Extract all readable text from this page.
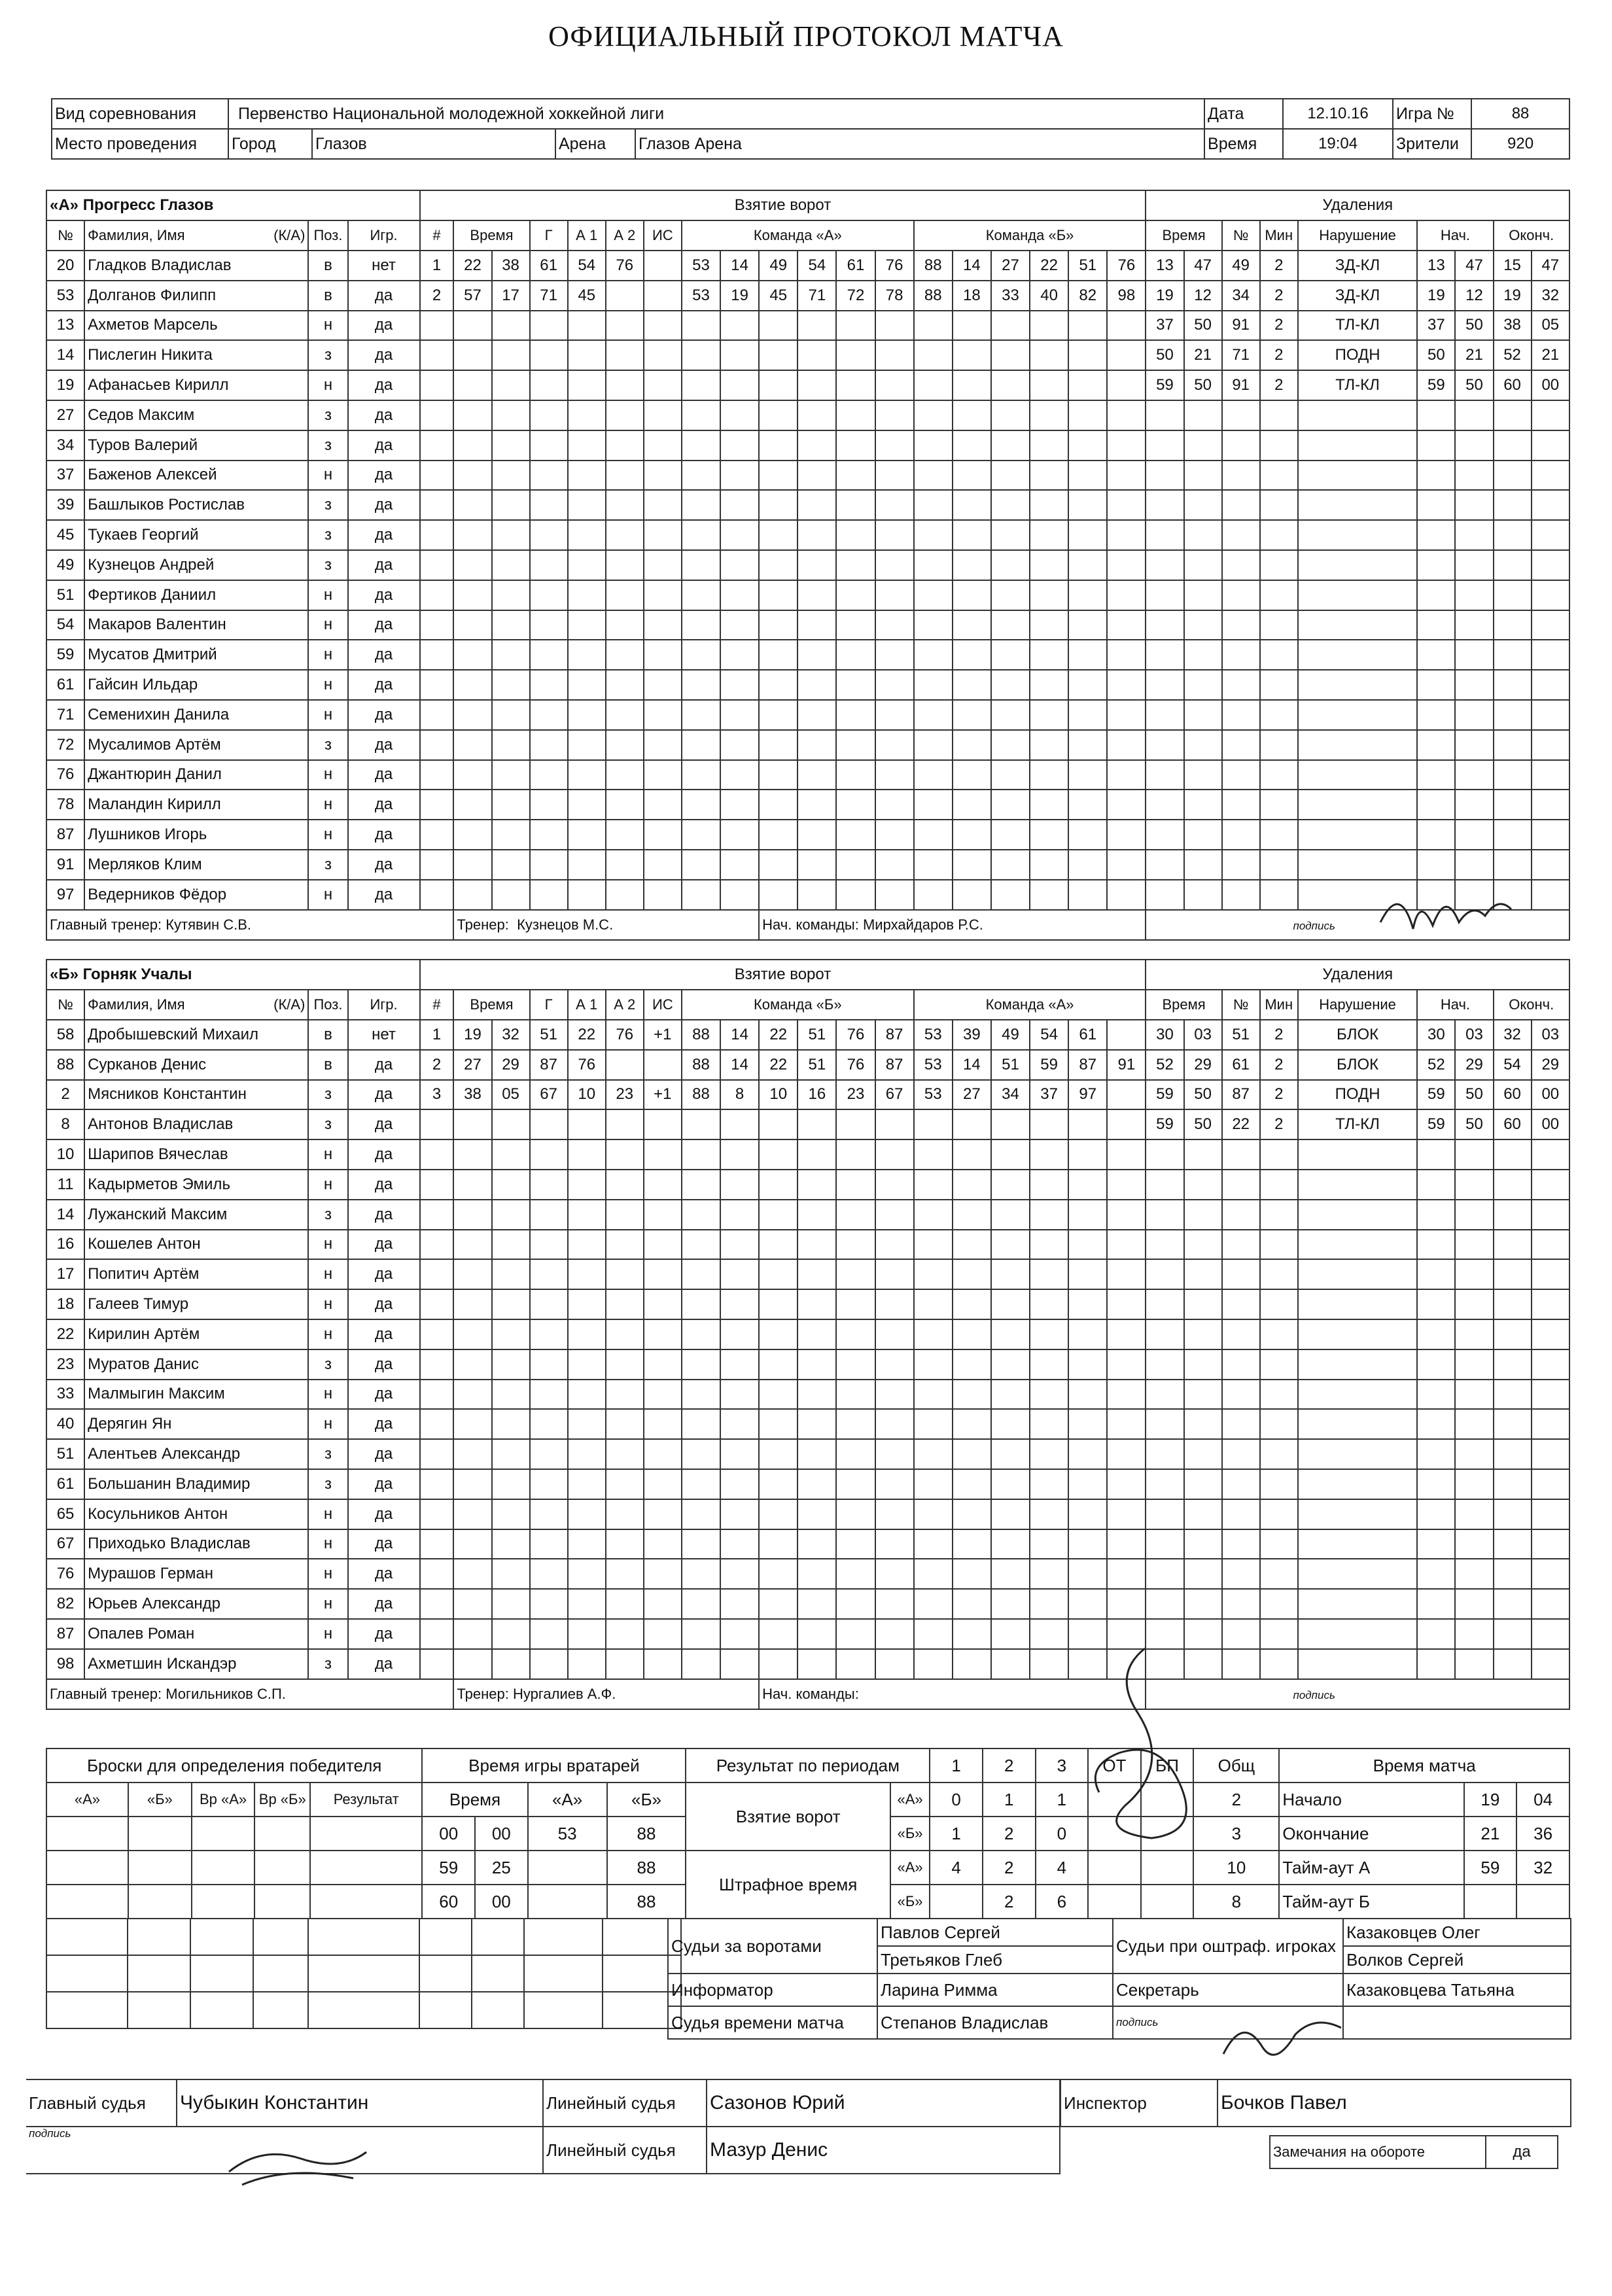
ОФИЦИАЛЬНЫЙ ПРОТОКОЛ МАТЧА
Вид соревнования	Первенство Национальной молодежной хоккейной лиги				Дата	12.10.16	Игра №	88
Место проведения	Город	Глазов	Арена	Глазов Арена	Время	19:04	Зрители	920
«А» Прогресс Глазов				Взятие ворот																			Удаления								
№	Фамилия, Имя (К/А)	Поз.	Игр.	#	Время		Г	А 1	А 2	ИС	Команда «А»						Команда «Б»						Время		№	Мин	Нарушение	Нач.		Оконч.	
20	Гладков Владислав	в	нет	1	22	38	61	54	76		53	14	49	54	61	76	88	14	27	22	51	76	13	47	49	2	ЗД-КЛ	13	47	15	47
53	Долганов Филипп	в	да	2	57	17	71	45			53	19	45	71	72	78	88	18	33	40	82	98	19	12	34	2	ЗД-КЛ	19	12	19	32
13	Ахметов Марсель	н	да																				37	50	91	2	ТЛ-КЛ	37	50	38	05
14	Пислегин Никита	з	да																				50	21	71	2	ПОДН	50	21	52	21
19	Афанасьев Кирилл	н	да																				59	50	91	2	ТЛ-КЛ	59	50	60	00
27	Седов Максим	з	да																												
34	Туров Валерий	з	да																												
37	Баженов Алексей	н	да																												
39	Башлыков Ростислав	з	да																												
45	Тукаев Георгий	з	да																												
49	Кузнецов Андрей	з	да																												
51	Фертиков Даниил	н	да																												
54	Макаров Валентин	н	да																												
59	Мусатов Дмитрий	н	да																												
61	Гайсин Ильдар	н	да																												
71	Семенихин Данила	н	да																												
72	Мусалимов Артём	з	да																												
76	Джантюрин Данил	н	да																												
78	Маландин Кирилл	н	да																												
87	Лушников Игорь	н	да																												
91	Мерляков Клим	з	да																												
97	Ведерников Фёдор	н	да																												
Главный тренер: Кутявин С.В.					Тренер: Кузнецов М.С.								Нач. команды: Мирхайдаров Р.С.										подпись								
«Б» Горняк Учалы				Взятие ворот																			Удаления								
№	Фамилия, Имя (К/А)	Поз.	Игр.	#	Время		Г	А 1	А 2	ИС	Команда «Б»						Команда «А»						Время		№	Мин	Нарушение	Нач.		Оконч.	
58	Дробышевский Михаил	в	нет	1	19	32	51	22	76	+1	88	14	22	51	76	87	53	39	49	54	61		30	03	51	2	БЛОК	30	03	32	03
88	Сурканов Денис	в	да	2	27	29	87	76			88	14	22	51	76	87	53	14	51	59	87	91	52	29	61	2	БЛОК	52	29	54	29
2	Мясников Константин	з	да	3	38	05	67	10	23	+1	88	8	10	16	23	67	53	27	34	37	97		59	50	87	2	ПОДН	59	50	60	00
8	Антонов Владислав	з	да																				59	50	22	2	ТЛ-КЛ	59	50	60	00
10	Шарипов Вячеслав	н	да																												
11	Кадырметов Эмиль	н	да																												
14	Лужанский Максим	з	да																												
16	Кошелев Антон	н	да																												
17	Попитич Артём	н	да																												
18	Галеев Тимур	н	да																												
22	Кирилин Артём	н	да																												
23	Муратов Данис	з	да																												
33	Малмыгин Максим	н	да																												
40	Дерягин Ян	н	да																												
51	Алентьев Александр	з	да																												
61	Большанин Владимир	з	да																												
65	Косульников Антон	н	да																												
67	Приходько Владислав	н	да																												
76	Мурашов Герман	н	да																												
82	Юрьев Александр	н	да																												
87	Опалев Роман	н	да																												
98	Ахметшин Искандэр	з	да																												
Главный тренер: Могильников С.П.					Тренер: Нургалиев А.Ф.								Нач. команды:										подпись								
Броски для определения победителя					Время игры вратарей				Результат по периодам		1	2	3	ОТ	БП	Общ	Время матча		
«А»	«Б»	Вр «А»	Вр «Б»	Результат	Время		«А»	«Б»	Взятие ворот	«А»	0	1	1			2	Начало	19	04
					00	00	53	88		«Б»	1	2	0			3	Окончание	21	36
					59	25		88	Штрафное время	«А»	4	2	4			10	Тайм-аут А	59	32
					60	00		88		«Б»		2	6			8	Тайм-аут Б		

Судьи за воротами	Павлов Сергей	Судьи при оштраф. игроках	Казаковцев Олег
	Третьяков Глеб		Волков Сергей
Информатор	Ларина Римма	Секретарь	Казаковцева Татьяна
Судья времени матча	Степанов Владислав	подпись	
Главный судья	Чубыкин Константин	Линейный судья	Сазонов Юрий
подпись		Линейный судья	Мазур Денис
Инспектор	Бочков Павел
Замечания на обороте	да
